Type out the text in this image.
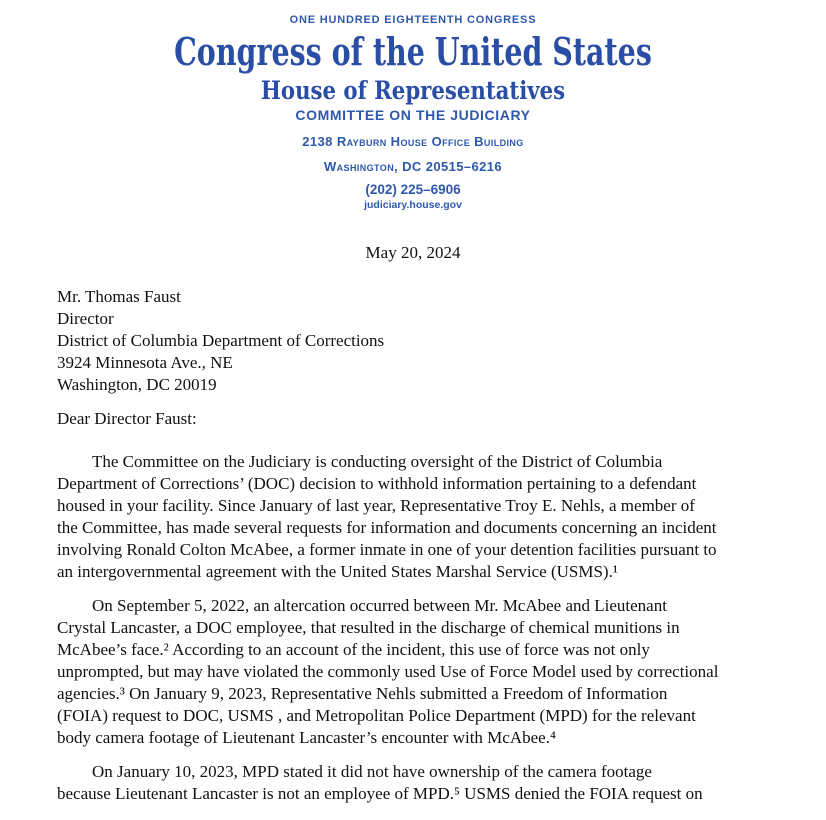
ONE HUNDRED EIGHTEENTH CONGRESS
Congress of the United States
House of Representatives
COMMITTEE ON THE JUDICIARY
2138 Rayburn House Office Building
Washington, DC 20515–6216
(202) 225–6906
judiciary.house.gov
May 20, 2024
Mr. Thomas Faust
Director
District of Columbia Department of Corrections
3924 Minnesota Ave., NE
Washington, DC 20019
Dear Director Faust:

The Committee on the Judiciary is conducting oversight of the District of Columbia
Department of Corrections’ (DOC) decision to withhold information pertaining to a defendant
housed in your facility. Since January of last year, Representative Troy E. Nehls, a member of
the Committee, has made several requests for information and documents concerning an incident
involving Ronald Colton McAbee, a former inmate in one of your detention facilities pursuant to
an intergovernmental agreement with the United States Marshal Service (USMS).¹

On September 5, 2022, an altercation occurred between Mr. McAbee and Lieutenant
Crystal Lancaster, a DOC employee, that resulted in the discharge of chemical munitions in
McAbee’s face.² According to an account of the incident, this use of force was not only
unprompted, but may have violated the commonly used Use of Force Model used by correctional
agencies.³ On January 9, 2023, Representative Nehls submitted a Freedom of Information
(FOIA) request to DOC, USMS , and Metropolitan Police Department (MPD) for the relevant
body camera footage of Lieutenant Lancaster’s encounter with McAbee.⁴

On January 10, 2023, MPD stated it did not have ownership of the camera footage
because Lieutenant Lancaster is not an employee of MPD.⁵ USMS denied the FOIA request on
